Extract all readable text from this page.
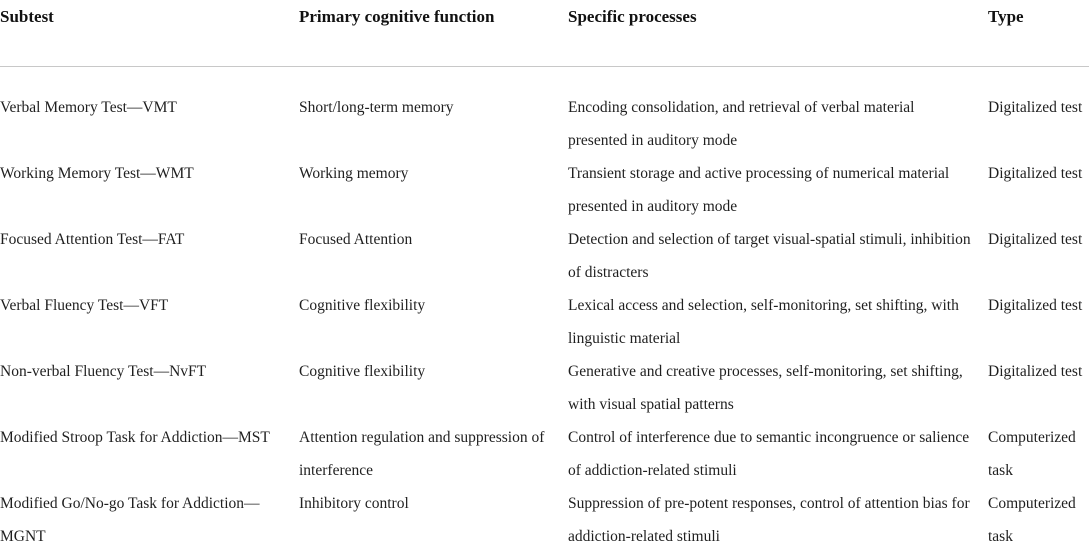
Subtest	Primary cognitive function	Specific processes	Type
Verbal Memory Test—VMT	Short/long-term memory	Encoding consolidation, and retrieval of verbal material presented in auditory mode	Digitalized test
Working Memory Test—WMT	Working memory	Transient storage and active processing of numerical material presented in auditory mode	Digitalized test
Focused Attention Test—FAT	Focused Attention	Detection and selection of target visual-spatial stimuli, inhibition of distracters	Digitalized test
Verbal Fluency Test—VFT	Cognitive flexibility	Lexical access and selection, self-monitoring, set shifting, with linguistic material	Digitalized test
Non-verbal Fluency Test—NvFT	Cognitive flexibility	Generative and creative processes, self-monitoring, set shifting, with visual spatial patterns	Digitalized test
Modified Stroop Task for Addiction—MST	Attention regulation and suppression of interference	Control of interference due to semantic incongruence or salience of addiction-related stimuli	Computerized task
Modified Go/No-go Task for Addiction—MGNT	Inhibitory control	Suppression of pre-potent responses, control of attention bias for addiction-related stimuli	Computerized task
